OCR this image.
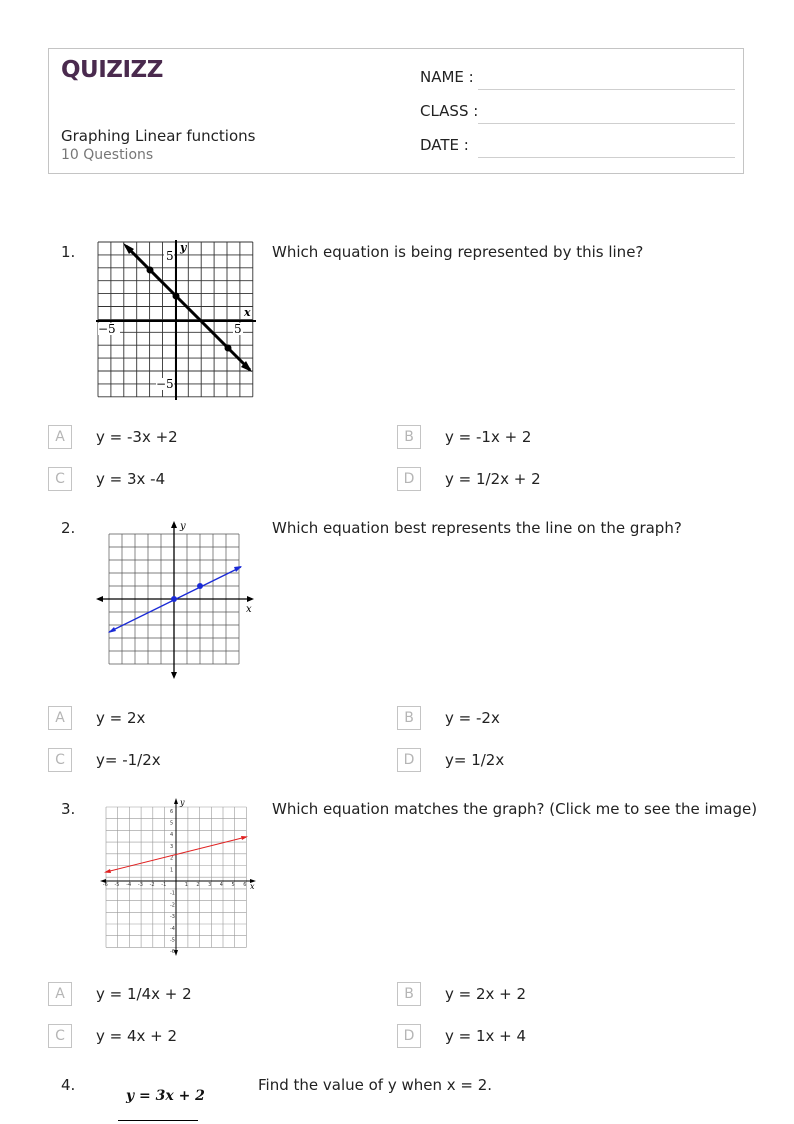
QUIZIZZ
Graphing Linear functions
10 Questions
NAME :
CLASS :
DATE :
1.	5
y
x
−5	5
−5
Which equation is being represented by this line?
A	y = -3x +2	B	y = -1x + 2
C	y = 3x -4	D	y = 1/2x + 2
2.	y
x
Which equation best represents the line on the graph?
A	y = 2x	B	y = -2x
C	y= -1/2x	D	y= 1/2x
3.
-6
-6
-5
-5
-4
-4
-3
-3
-2
-2
-1
-1
1
1
2
2
3
3
4
4
5
5
6
6
y
x
Which equation matches the graph? (Click me to see the image)
A	y = 1/4x + 2	B	y = 2x + 2
C	y = 4x + 2	D	y = 1x + 4
4.
y = 3x + 2
Find the value of y when x = 2.
